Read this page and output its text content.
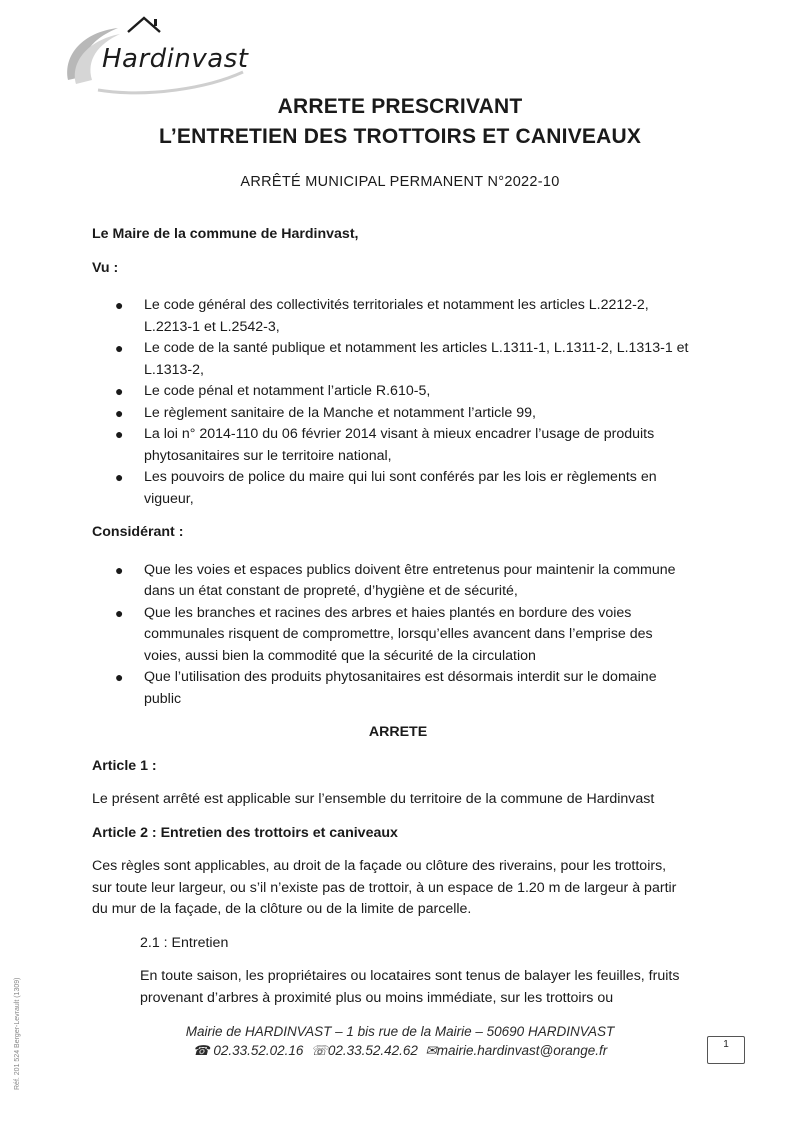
Hardinvast
ARRETE PRESCRIVANT
L’ENTRETIEN DES TROTTOIRS ET CANIVEAUX
ARRÊTÉ MUNICIPAL PERMANENT N°2022-10

Le Maire de la commune de Hardinvast,

Vu :

● Le code général des collectivités territoriales et notamment les articles L.2212-2,
L.2213-1 et L.2542-3,
● Le code de la santé publique et notamment les articles L.1311-1, L.1311-2, L.1313-1 et
L.1313-2,
● Le code pénal et notamment l’article R.610-5,
● Le règlement sanitaire de la Manche et notamment l’article 99,
● La loi n° 2014-110 du 06 février 2014 visant à mieux encadrer l’usage de produits
phytosanitaires sur le territoire national,
● Les pouvoirs de police du maire qui lui sont conférés par les lois er règlements en
vigueur,

Considérant :

● Que les voies et espaces publics doivent être entretenus pour maintenir la commune
dans un état constant de propreté, d’hygiène et de sécurité,
● Que les branches et racines des arbres et haies plantés en bordure des voies
communales risquent de compromettre, lorsqu’elles avancent dans l’emprise des
voies, aussi bien la commodité que la sécurité de la circulation
● Que l’utilisation des produits phytosanitaires est désormais interdit sur le domaine
public

ARRETE

Article 1 :

Le présent arrêté est applicable sur l’ensemble du territoire de la commune de Hardinvast

Article 2 : Entretien des trottoirs et caniveaux

Ces règles sont applicables, au droit de la façade ou clôture des riverains, pour les trottoirs,
sur toute leur largeur, ou s’il n’existe pas de trottoir, à un espace de 1.20 m de largeur à partir
du mur de la façade, de la clôture ou de la limite de parcelle.

2.1 : Entretien

En toute saison, les propriétaires ou locataires sont tenus de balayer les feuilles, fruits
provenant d’arbres à proximité plus ou moins immédiate, sur les trottoirs ou
Mairie de HARDINVAST – 1 bis rue de la Mairie – 50690 HARDINVAST
☎ 02.33.52.02.16  ☏02.33.52.42.62  ✉mairie.hardinvast@orange.fr	1
Réf. 201 524 Berger-Levrault (1309)
